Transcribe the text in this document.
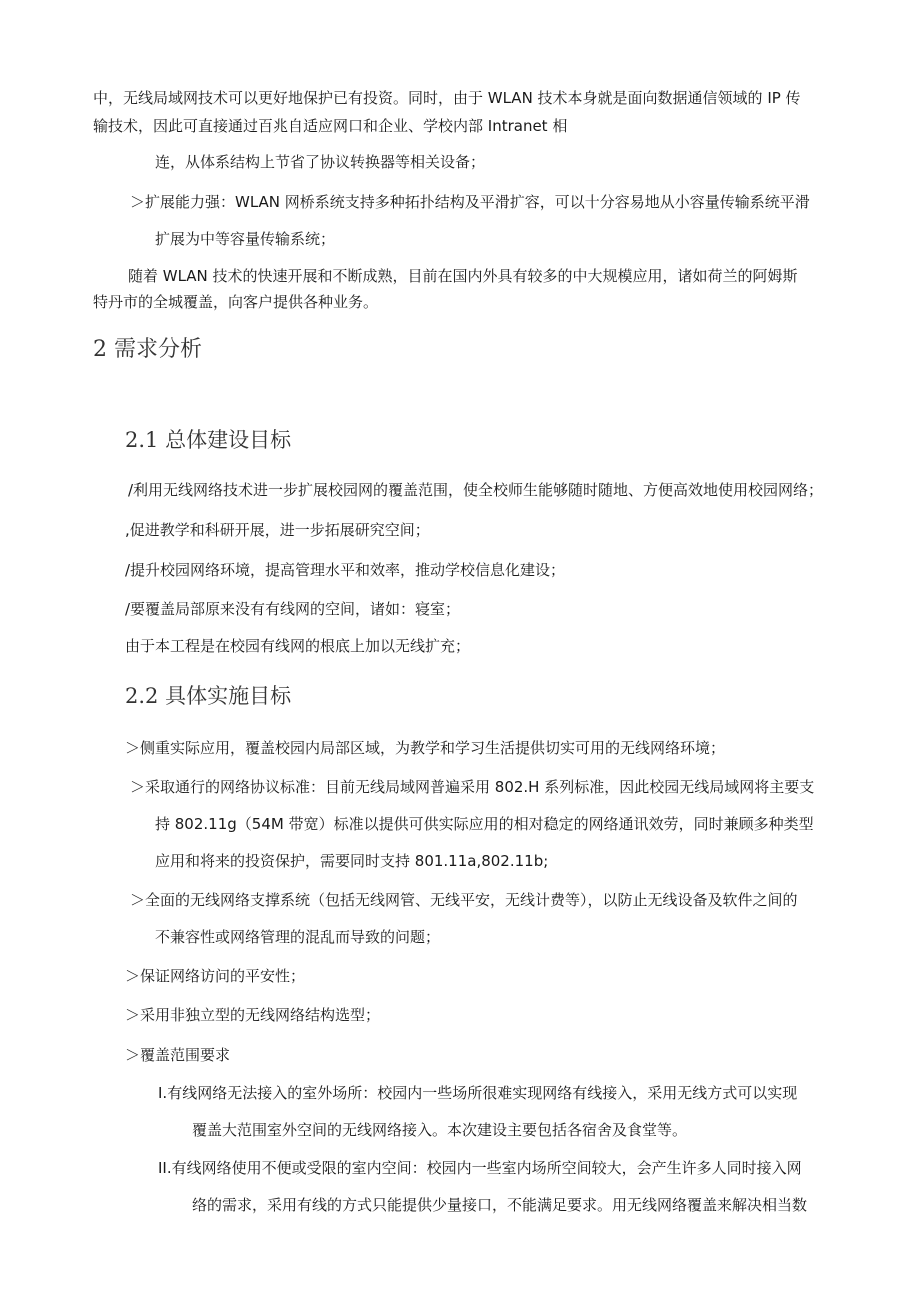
中，无线局域网技术可以更好地保护已有投资。同时，由于 WLAN 技术本身就是面向数据通信领域的 IP 传
输技术，因此可直接通过百兆自适应网口和企业、学校内部 Intranet 相
连，从体系结构上节省了协议转换器等相关设备；
＞扩展能力强：WLAN 网桥系统支持多种拓扑结构及平滑扩容，可以十分容易地从小容量传输系统平滑
扩展为中等容量传输系统；
随着 WLAN 技术的快速开展和不断成熟，目前在国内外具有较多的中大规模应用，诸如荷兰的阿姆斯
特丹市的全城覆盖，向客户提供各种业务。
2 需求分析
2.1 总体建设目标
/利用无线网络技术进一步扩展校园网的覆盖范围，使全校师生能够随时随地、方便高效地使用校园网络；
,促进教学和科研开展，进一步拓展研究空间；
/提升校园网络环境，提高管理水平和效率，推动学校信息化建设；
/要覆盖局部原来没有有线网的空间，诸如：寝室；
由于本工程是在校园有线网的根底上加以无线扩充；
2.2 具体实施目标
＞侧重实际应用，覆盖校园内局部区域，为教学和学习生活提供切实可用的无线网络环境；
＞采取通行的网络协议标准：目前无线局域网普遍采用 802.H 系列标准，因此校园无线局域网将主要支
持 802.11g（54M 带宽）标准以提供可供实际应用的相对稳定的网络通讯效劳，同时兼顾多种类型
应用和将来的投资保护，需要同时支持 801.11a,802.11b;
＞全面的无线网络支撑系统（包括无线网管、无线平安，无线计费等），以防止无线设备及软件之间的
不兼容性或网络管理的混乱而导致的问题；
＞保证网络访问的平安性；
＞采用非独立型的无线网络结构选型；
＞覆盖范围要求
I.有线网络无法接入的室外场所：校园内一些场所很难实现网络有线接入，采用无线方式可以实现
覆盖大范围室外空间的无线网络接入。本次建设主要包括各宿舍及食堂等。
II.有线网络使用不便或受限的室内空间：校园内一些室内场所空间较大，会产生许多人同时接入网
络的需求，采用有线的方式只能提供少量接口，不能满足要求。用无线网络覆盖来解决相当数
